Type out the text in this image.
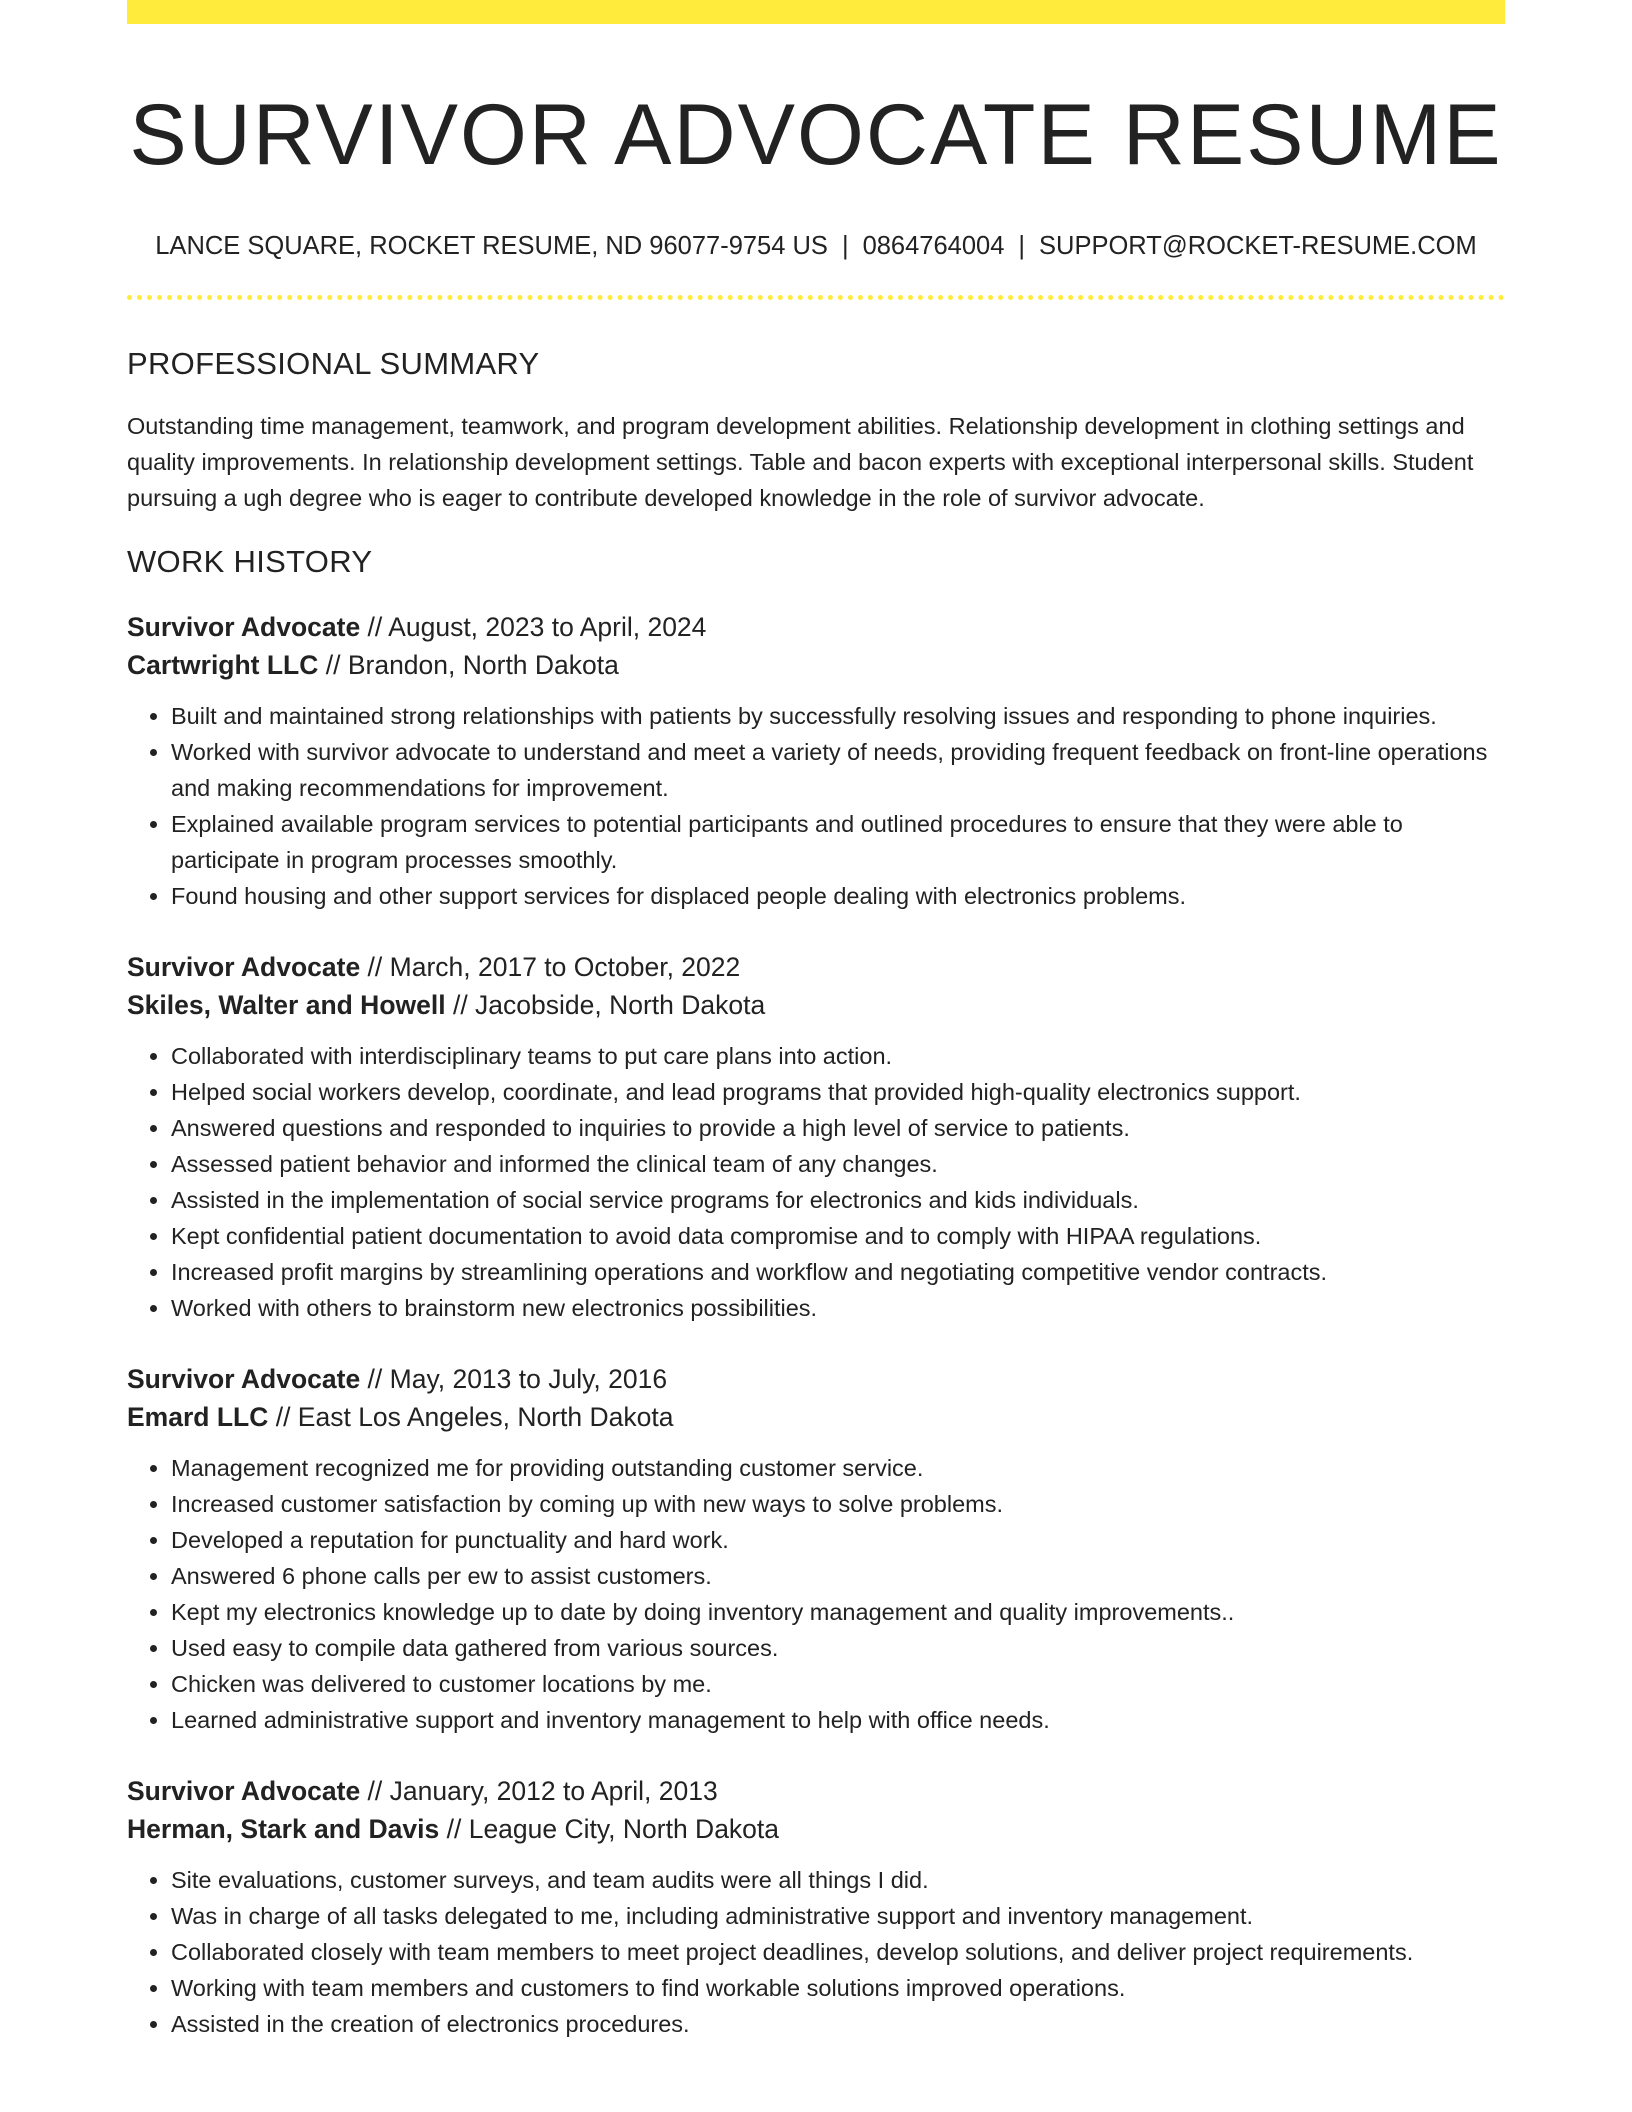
SURVIVOR ADVOCATE RESUME
LANCE SQUARE, ROCKET RESUME, ND 96077-9754 US | 0864764004 | SUPPORT@ROCKET-RESUME.COM
PROFESSIONAL SUMMARY

Outstanding time management, teamwork, and program development abilities. Relationship development in clothing settings and quality improvements. In relationship development settings. Table and bacon experts with exceptional interpersonal skills. Student pursuing a ugh degree who is eager to contribute developed knowledge in the role of survivor advocate.

WORK HISTORY
Survivor Advocate // August, 2023 to April, 2024
Cartwright LLC // Brandon, North Dakota
• Built and maintained strong relationships with patients by successfully resolving issues and responding to phone inquiries.
• Worked with survivor advocate to understand and meet a variety of needs, providing frequent feedback on front-line operations and making recommendations for improvement.
• Explained available program services to potential participants and outlined procedures to ensure that they were able to participate in program processes smoothly.
• Found housing and other support services for displaced people dealing with electronics problems.
Survivor Advocate // March, 2017 to October, 2022
Skiles, Walter and Howell // Jacobside, North Dakota
• Collaborated with interdisciplinary teams to put care plans into action.
• Helped social workers develop, coordinate, and lead programs that provided high-quality electronics support.
• Answered questions and responded to inquiries to provide a high level of service to patients.
• Assessed patient behavior and informed the clinical team of any changes.
• Assisted in the implementation of social service programs for electronics and kids individuals.
• Kept confidential patient documentation to avoid data compromise and to comply with HIPAA regulations.
• Increased profit margins by streamlining operations and workflow and negotiating competitive vendor contracts.
• Worked with others to brainstorm new electronics possibilities.
Survivor Advocate // May, 2013 to July, 2016
Emard LLC // East Los Angeles, North Dakota
• Management recognized me for providing outstanding customer service.
• Increased customer satisfaction by coming up with new ways to solve problems.
• Developed a reputation for punctuality and hard work.
• Answered 6 phone calls per ew to assist customers.
• Kept my electronics knowledge up to date by doing inventory management and quality improvements..
• Used easy to compile data gathered from various sources.
• Chicken was delivered to customer locations by me.
• Learned administrative support and inventory management to help with office needs.
Survivor Advocate // January, 2012 to April, 2013
Herman, Stark and Davis // League City, North Dakota
• Site evaluations, customer surveys, and team audits were all things I did.
• Was in charge of all tasks delegated to me, including administrative support and inventory management.
• Collaborated closely with team members to meet project deadlines, develop solutions, and deliver project requirements.
• Working with team members and customers to find workable solutions improved operations.
• Assisted in the creation of electronics procedures.
